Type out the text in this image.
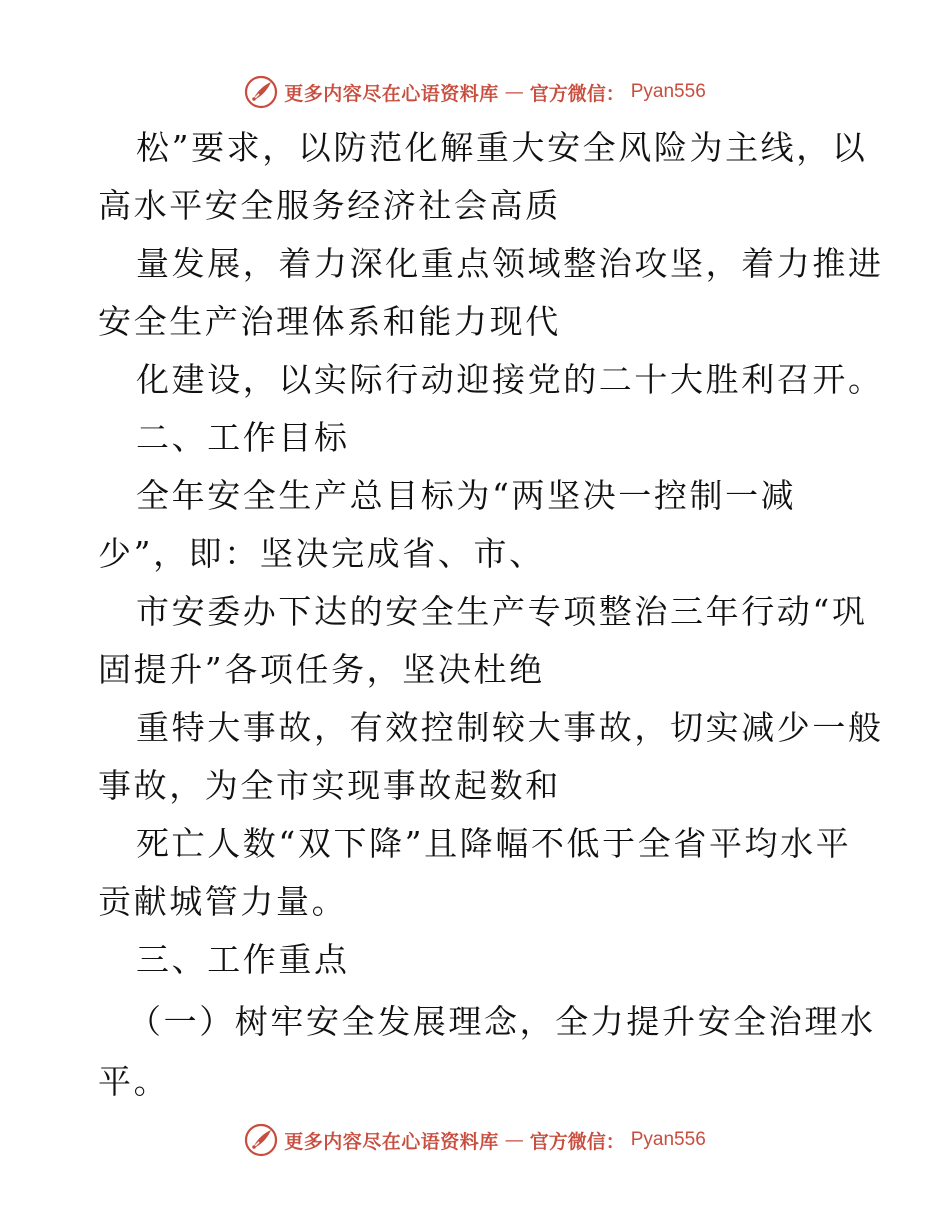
更多内容尽在心语资料库 — 官方微信： Pyan556
松”要求，以防范化解重大安全风险为主线，以
高水平安全服务经济社会高质
量发展，着力深化重点领域整治攻坚，着力推进
安全生产治理体系和能力现代
化建设，以实际行动迎接党的二十大胜利召开。
二、工作目标
全年安全生产总目标为“两坚决一控制一减
少”，即：坚决完成省、市、
市安委办下达的安全生产专项整治三年行动“巩
固提升”各项任务，坚决杜绝
重特大事故，有效控制较大事故，切实减少一般
事故，为全市实现事故起数和
死亡人数“双下降”且降幅不低于全省平均水平
贡献城管力量。
三、工作重点
（一）树牢安全发展理念，全力提升安全治理水
平。
更多内容尽在心语资料库 — 官方微信： Pyan556
